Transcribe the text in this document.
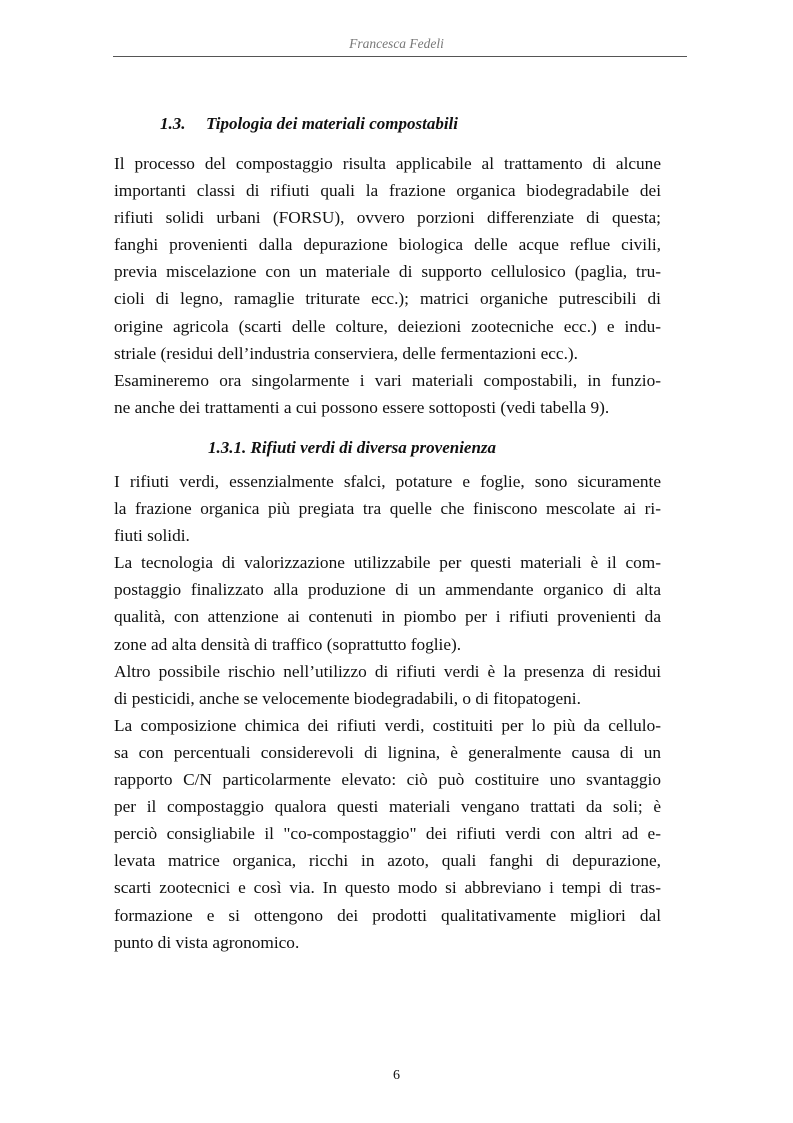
Francesca Fedeli
1.3. Tipologia dei materiali compostabili
Il processo del compostaggio risulta applicabile al trattamento di alcune
importanti classi di rifiuti quali la frazione organica biodegradabile dei
rifiuti solidi urbani (FORSU), ovvero porzioni differenziate di questa;
fanghi provenienti dalla depurazione biologica delle acque reflue civili,
previa miscelazione con un materiale di supporto cellulosico (paglia, tru-
cioli di legno, ramaglie triturate ecc.); matrici organiche putrescibili di
origine agricola (scarti delle colture, deiezioni zootecniche ecc.) e indu-
striale (residui dell’industria conserviera, delle fermentazioni ecc.).
Esamineremo ora singolarmente i vari materiali compostabili, in funzio-
ne anche dei trattamenti a cui possono essere sottoposti (vedi tabella 9).
1.3.1. Rifiuti verdi di diversa provenienza
I rifiuti verdi, essenzialmente sfalci, potature e foglie, sono sicuramente
la frazione organica più pregiata tra quelle che finiscono mescolate ai ri-
fiuti solidi.
La tecnologia di valorizzazione utilizzabile per questi materiali è il com-
postaggio finalizzato alla produzione di un ammendante organico di alta
qualità, con attenzione ai contenuti in piombo per i rifiuti provenienti da
zone ad alta densità di traffico (soprattutto foglie).
Altro possibile rischio nell’utilizzo di rifiuti verdi è la presenza di residui
di pesticidi, anche se velocemente biodegradabili, o di fitopatogeni.
La composizione chimica dei rifiuti verdi, costituiti per lo più da cellulo-
sa con percentuali considerevoli di lignina, è generalmente causa di un
rapporto C/N particolarmente elevato: ciò può costituire uno svantaggio
per il compostaggio qualora questi materiali vengano trattati da soli; è
perciò consigliabile il "co-compostaggio" dei rifiuti verdi con altri ad e-
levata matrice organica, ricchi in azoto, quali fanghi di depurazione,
scarti zootecnici e così via. In questo modo si abbreviano i tempi di tras-
formazione e si ottengono dei prodotti qualitativamente migliori dal
punto di vista agronomico.
6
